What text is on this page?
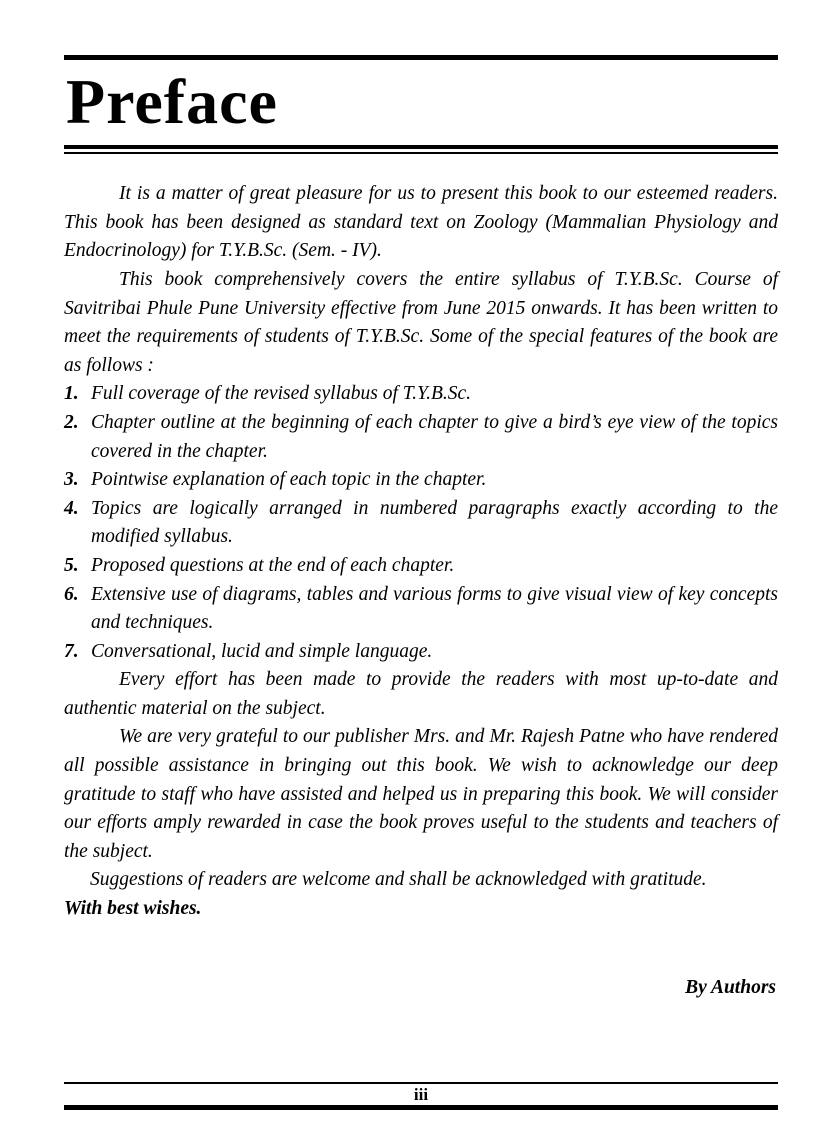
Preface

It is a matter of great pleasure for us to present this book to our esteemed readers. This book has been designed as standard text on Zoology (Mammalian Physiology and Endocrinology) for T.Y.B.Sc. (Sem. - IV).

This book comprehensively covers the entire syllabus of T.Y.B.Sc. Course of Savitribai Phule Pune University effective from June 2015 onwards. It has been written to meet the requirements of students of T.Y.B.Sc. Some of the special features of the book are as follows :

1. Full coverage of the revised syllabus of T.Y.B.Sc.
2. Chapter outline at the beginning of each chapter to give a bird’s eye view of the topics covered in the chapter.
3. Pointwise explanation of each topic in the chapter.
4. Topics are logically arranged in numbered paragraphs exactly according to the modified syllabus.
5. Proposed questions at the end of each chapter.
6. Extensive use of diagrams, tables and various forms to give visual view of key concepts and techniques.
7. Conversational, lucid and simple language.

Every effort has been made to provide the readers with most up-to-date and authentic material on the subject.

We are very grateful to our publisher Mrs. and Mr. Rajesh Patne who have rendered all possible assistance in bringing out this book. We wish to acknowledge our deep gratitude to staff who have assisted and helped us in preparing this book. We will consider our efforts amply rewarded in case the book proves useful to the students and teachers of the subject.

Suggestions of readers are welcome and shall be acknowledged with gratitude.

With best wishes.

By Authors
iii
